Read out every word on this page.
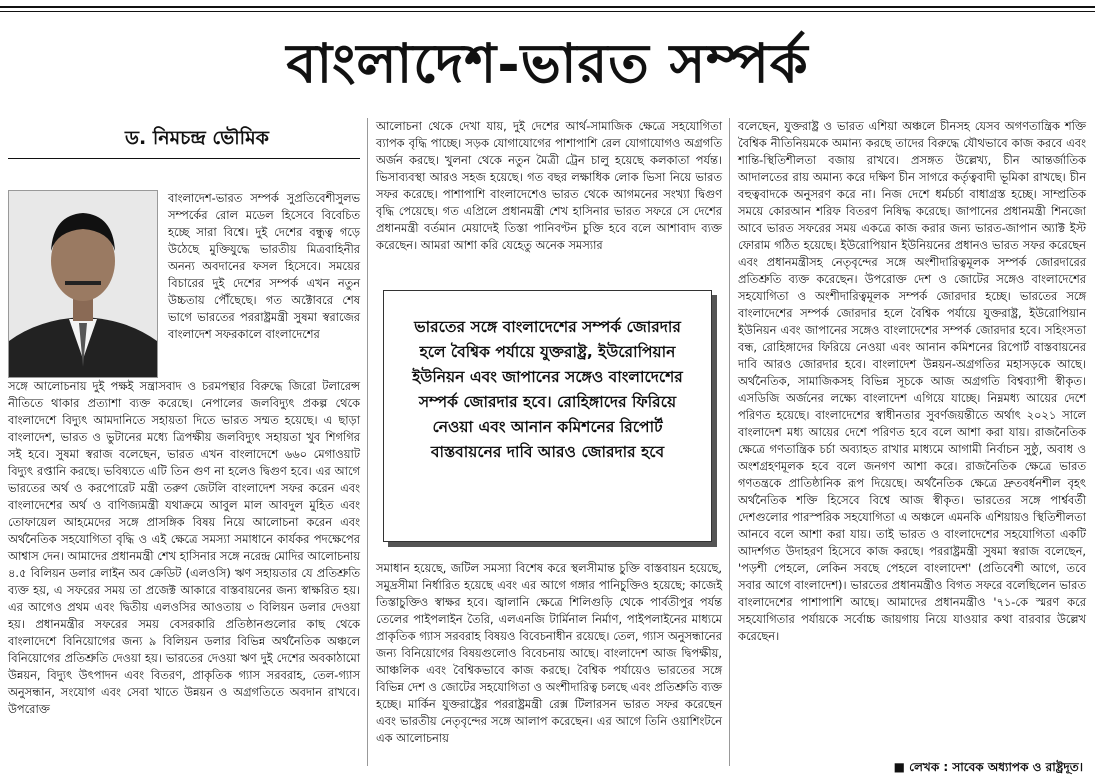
বাংলাদেশ-ভারত সম্পর্ক
ড. নিমচন্দ্র ভৌমিক

বাংলাদেশ-ভারত সম্পর্ক সুপ্রতিবেশীসুলভ সম্পর্কের রোল মডেল হিসেবে বিবেচিত হচ্ছে সারা বিশ্বে। দুই দেশের বন্ধুত্ব গড়ে উঠেছে মুক্তিযুদ্ধে ভারতীয় মিত্রবাহিনীর অনন্য অবদানের ফসল হিসেবে। সময়ের বিচারের দুই দেশের সম্পর্ক এখন নতুন উচ্চতায় পৌঁছেছে। গত অক্টোবরে শেষ ভাগে ভারতের পররাষ্ট্রমন্ত্রী সুষমা স্বরাজের বাংলাদেশ সফরকালে বাংলাদেশের

সঙ্গে আলোচনায় দুই পক্ষই সন্ত্রাসবাদ ও চরমপন্থার বিরুদ্ধে জিরো টলারেন্স নীতিতে থাকার প্রত্যাশা ব্যক্ত করেছে। নেপালের জলবিদ্যুৎ প্রকল্প থেকে বাংলাদেশে বিদ্যুৎ আমদানিতে সহায়তা দিতে ভারত সম্মত হয়েছে। এ ছাড়া বাংলাদেশ, ভারত ও ভুটানের মধ্যে ত্রিপক্ষীয় জলবিদ্যুৎ সহায়তা খুব শিগগির সই হবে। সুষমা স্বরাজ বলেছেন, ভারত এখন বাংলাদেশে ৬৬০ মেগাওয়াট বিদ্যুৎ রপ্তানি করছে। ভবিষ্যতে এটি তিন গুণ না হলেও দ্বিগুণ হবে। এর আগে ভারতের অর্থ ও করপোরেট মন্ত্রী তরুণ জেটলি বাংলাদেশ সফর করেন এবং বাংলাদেশের অর্থ ও বাণিজ্যমন্ত্রী যথাক্রমে আবুল মাল আবদুল মুহিত এবং তোফায়েল আহমেদের সঙ্গে প্রাসঙ্গিক বিষয় নিয়ে আলোচনা করেন এবং অর্থনৈতিক সহযোগিতা বৃদ্ধি ও এই ক্ষেত্রে সমস্যা সমাধানে কার্যকর পদক্ষেপের আশ্বাস দেন। আমাদের প্রধানমন্ত্রী শেখ হাসিনার সঙ্গে নরেন্দ্র মোদির আলোচনায় ৪.৫ বিলিয়ন ডলার লাইন অব ক্রেডিট (এলওসি) ঋণ সহায়তার যে প্রতিশ্রুতি ব্যক্ত হয়, এ সফরের সময় তা প্রজেক্ট আকারে বাস্তবায়নের জন্য স্বাক্ষরিত হয়। এর আগেও প্রথম এবং দ্বিতীয় এলওসির আওতায় ৩ বিলিয়ন ডলার দেওয়া হয়। প্রধানমন্ত্রীর সফরের সময় বেসরকারি প্রতিষ্ঠানগুলোর কাছ থেকে বাংলাদেশে বিনিয়োগের জন্য ৯ বিলিয়ন ডলার বিভিন্ন অর্থনৈতিক অঞ্চলে বিনিয়োগের প্রতিশ্রুতি দেওয়া হয়। ভারতের দেওয়া ঋণ দুই দেশের অবকাঠামো উন্নয়ন, বিদ্যুৎ উৎপাদন এবং বিতরণ, প্রাকৃতিক গ্যাস সরবরাহ, তেল-গ্যাস অনুসন্ধান, সংযোগ এবং সেবা খাতে উন্নয়ন ও অগ্রগতিতে অবদান রাখবে। উপরোক্ত

আলোচনা থেকে দেখা যায়, দুই দেশের আর্থ-সামাজিক ক্ষেত্রে সহযোগিতা ব্যাপক বৃদ্ধি পাচ্ছে। সড়ক যোগাযোগের পাশাপাশি রেল যোগাযোগও অগ্রগতি অর্জন করছে। খুলনা থেকে নতুন মৈত্রী ট্রেন চালু হয়েছে কলকাতা পর্যন্ত। ভিসাব্যবস্থা আরও সহজ হয়েছে। গত বছর লক্ষাধিক লোক ভিসা নিয়ে ভারত সফর করেছে। পাশাপাশি বাংলাদেশেও ভারত থেকে আগমনের সংখ্যা দ্বিগুণ বৃদ্ধি পেয়েছে। গত এপ্রিলে প্রধানমন্ত্রী শেখ হাসিনার ভারত সফরে সে দেশের প্রধানমন্ত্রী বর্তমান মেয়াদেই তিস্তা পানিবণ্টন চুক্তি হবে বলে আশাবাদ ব্যক্ত করেছেন। আমরা আশা করি যেহেতু অনেক সমস্যার

ভারতের সঙ্গে বাংলাদেশের সম্পর্ক জোরদার হলে বৈশ্বিক পর্যায়ে যুক্তরাষ্ট্র, ইউরোপিয়ান ইউনিয়ন এবং জাপানের সঙ্গেও বাংলাদেশের সম্পর্ক জোরদার হবে। রোহিঙ্গাদের ফিরিয়ে নেওয়া এবং আনান কমিশনের রিপোর্ট বাস্তবায়নের দাবি আরও জোরদার হবে

সমাধান হয়েছে, জটিল সমস্যা বিশেষ করে স্থলসীমান্ত চুক্তি বাস্তবায়ন হয়েছে, সমুদ্রসীমা নির্ধারিত হয়েছে এবং এর আগে গঙ্গার পানিচুক্তিও হয়েছে; কাজেই তিস্তাচুক্তিও স্বাক্ষর হবে। জ্বালানি ক্ষেত্রে শিলিগুড়ি থেকে পার্বতীপুর পর্যন্ত তেলের পাইপলাইন তৈরি, এলএনজি টার্মিনাল নির্মাণ, পাইপলাইনের মাধ্যমে প্রাকৃতিক গ্যাস সরবরাহ বিষয়ও বিবেচনাধীন রয়েছে। তেল, গ্যাস অনুসন্ধানের জন্য বিনিয়োগের বিষয়গুলোও বিবেচনায় আছে। বাংলাদেশ আজ দ্বিপক্ষীয়, আঞ্চলিক এবং বৈশ্বিকভাবে কাজ করছে। বৈশ্বিক পর্যায়েও ভারতের সঙ্গে বিভিন্ন দেশ ও জোটের সহযোগিতা ও অংশীদারিত্ব চলছে এবং প্রতিশ্রুতি ব্যক্ত হচ্ছে। মার্কিন যুক্তরাষ্ট্রের পররাষ্ট্রমন্ত্রী রেক্স টিলারসন ভারত সফর করেছেন এবং ভারতীয় নেতৃবৃন্দের সঙ্গে আলাপ করেছেন। এর আগে তিনি ওয়াশিংটনে এক আলোচনায়

বলেছেন, যুক্তরাষ্ট্র ও ভারত এশিয়া অঞ্চলে চীনসহ যেসব অগণতান্ত্রিক শক্তি বৈশ্বিক নীতিনিয়মকে অমান্য করছে তাদের বিরুদ্ধে যৌথভাবে কাজ করবে এবং শান্তি-স্থিতিশীলতা বজায় রাখবে। প্রসঙ্গত উল্লেখ্য, চীন আন্তর্জাতিক আদালতের রায় অমান্য করে দক্ষিণ চীন সাগরে কর্তৃত্ববাদী ভূমিকা রাখছে। চীন বহুত্ববাদকে অনুসরণ করে না। নিজ দেশে ধর্মচর্চা বাধাগ্রস্ত হচ্ছে। সাম্প্রতিক সময়ে কোরআন শরিফ বিতরণ নিষিদ্ধ করেছে। জাপানের প্রধানমন্ত্রী শিনজো আবে ভারত সফরের সময় একত্রে কাজ করার জন্য ভারত-জাপান অ্যাক্ট ইস্ট ফোরাম গঠিত হয়েছে। ইউরোপিয়ান ইউনিয়নের প্রধানও ভারত সফর করেছেন এবং প্রধানমন্ত্রীসহ নেতৃবৃন্দের সঙ্গে অংশীদারিত্বমূলক সম্পর্ক জোরদারের প্রতিশ্রুতি ব্যক্ত করেছেন। উপরোক্ত দেশ ও জোটের সঙ্গেও বাংলাদেশের সহযোগিতা ও অংশীদারিত্বমূলক সম্পর্ক জোরদার হচ্ছে। ভারতের সঙ্গে বাংলাদেশের সম্পর্ক জোরদার হলে বৈশ্বিক পর্যায়ে যুক্তরাষ্ট্র, ইউরোপিয়ান ইউনিয়ন এবং জাপানের সঙ্গেও বাংলাদেশের সম্পর্ক জোরদার হবে। সহিংসতা বন্ধ, রোহিঙ্গাদের ফিরিয়ে নেওয়া এবং আনান কমিশনের রিপোর্ট বাস্তবায়নের দাবি আরও জোরদার হবে। বাংলাদেশ উন্নয়ন-অগ্রগতির মহাসড়কে আছে। অর্থনৈতিক, সামাজিকসহ বিভিন্ন সূচকে আজ অগ্রগতি বিশ্বব্যাপী স্বীকৃত। এসডিজি অর্জনের লক্ষ্যে বাংলাদেশ এগিয়ে যাচ্ছে। নিম্নমধ্য আয়ের দেশে পরিণত হয়েছে। বাংলাদেশের স্বাধীনতার সুবর্ণজয়ন্তীতে অর্থাৎ ২০২১ সালে বাংলাদেশ মধ্য আয়ের দেশে পরিণত হবে বলে আশা করা যায়। রাজনৈতিক ক্ষেত্রে গণতান্ত্রিক চর্চা অব্যাহত রাখার মাধ্যমে আগামী নির্বাচন সুষ্ঠু, অবাধ ও অংশগ্রহণমূলক হবে বলে জনগণ আশা করে। রাজনৈতিক ক্ষেত্রে ভারত গণতন্ত্রকে প্রাতিষ্ঠানিক রূপ দিয়েছে। অর্থনৈতিক ক্ষেত্রে দ্রুতবর্ধনশীল বৃহৎ অর্থনৈতিক শক্তি হিসেবে বিশ্বে আজ স্বীকৃত। ভারতের সঙ্গে পার্শ্ববর্তী দেশগুলোর পারস্পরিক সহযোগিতা এ অঞ্চলে এমনকি এশিয়ায়ও স্থিতিশীলতা আনবে বলে আশা করা যায়। তাই ভারত ও বাংলাদেশের সহযোগিতা একটি আদর্শগত উদাহরণ হিসেবে কাজ করছে। পররাষ্ট্রমন্ত্রী সুষমা স্বরাজ বলেছেন, 'পড়শী পেহলে, লেকিন সবছে পেহলে বাংলাদেশ' (প্রতিবেশী আগে, তবে সবার আগে বাংলাদেশ)। ভারতের প্রধানমন্ত্রীও বিগত সফরে বলেছিলেন ভারত বাংলাদেশের পাশাপাশি আছে। আমাদের প্রধানমন্ত্রীও '৭১-কে স্মরণ করে সহযোগিতার পর্যায়কে সর্বোচ্চ জায়গায় নিয়ে যাওয়ার কথা বারবার উল্লেখ করেছেন।

■ লেখক : সাবেক অধ্যাপক ও রাষ্ট্রদূত।
